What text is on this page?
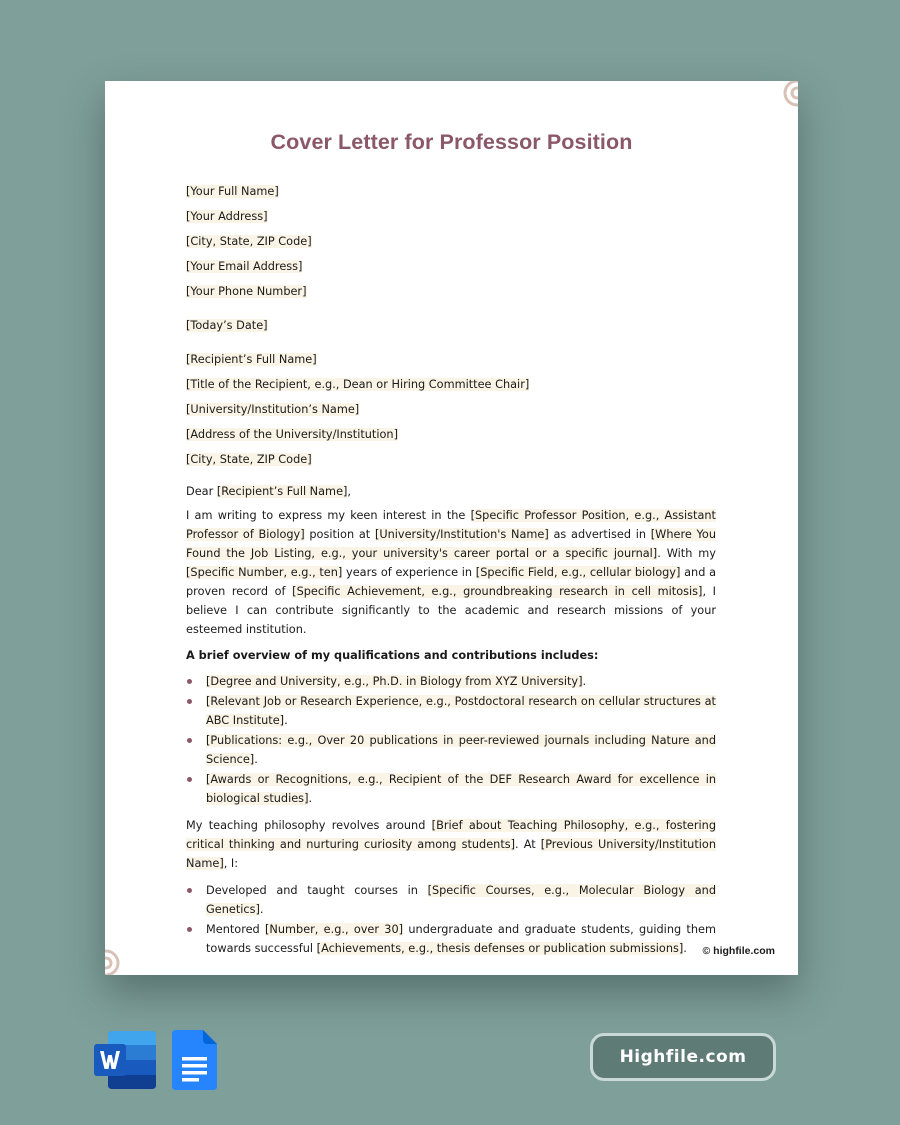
Cover Letter for Professor Position
[Your Full Name]
[Your Address]
[City, State, ZIP Code]
[Your Email Address]
[Your Phone Number]
[Today’s Date]
[Recipient’s Full Name]
[Title of the Recipient, e.g., Dean or Hiring Committee Chair]
[University/Institution’s Name]
[Address of the University/Institution]
[City, State, ZIP Code]
Dear [Recipient’s Full Name],

I am writing to express my keen interest in the [Specific Professor Position, e.g., Assistant Professor of Biology] position at [University/Institution's Name] as advertised in [Where You Found the Job Listing, e.g., your university's career portal or a specific journal]. With my [Specific Number, e.g., ten] years of experience in [Specific Field, e.g., cellular biology] and a proven record of [Specific Achievement, e.g., groundbreaking research in cell mitosis], I believe I can contribute significantly to the academic and research missions of your esteemed institution.

A brief overview of my qualifications and contributions includes:
[Degree and University, e.g., Ph.D. in Biology from XYZ University].
[Relevant Job or Research Experience, e.g., Postdoctoral research on cellular structures at ABC Institute].
[Publications: e.g., Over 20 publications in peer-reviewed journals including Nature and Science].
[Awards or Recognitions, e.g., Recipient of the DEF Research Award for excellence in biological studies].

My teaching philosophy revolves around [Brief about Teaching Philosophy, e.g., fostering critical thinking and nurturing curiosity among students]. At [Previous University/Institution Name], I:

Developed and taught courses in [Specific Courses, e.g., Molecular Biology and Genetics].
Mentored [Number, e.g., over 30] undergraduate and graduate students, guiding them towards successful [Achievements, e.g., thesis defenses or publication submissions].	© highfile.com
Highfile.com
